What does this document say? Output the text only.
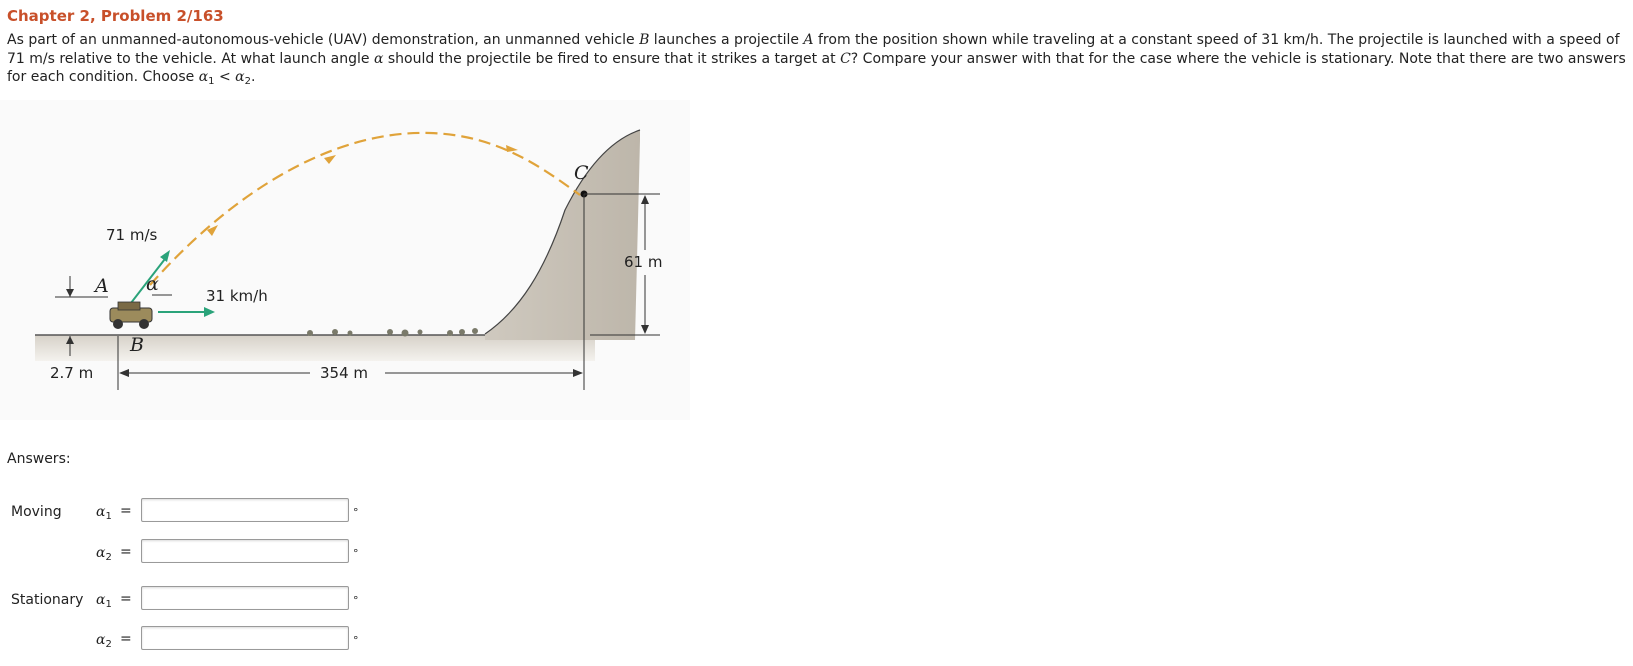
Chapter 2, Problem 2/163
As part of an unmanned-autonomous-vehicle (UAV) demonstration, an unmanned vehicle B launches a projectile A from the position shown while traveling at a constant speed of 31 km/h. The projectile is launched with a speed of 71 m/s relative to the vehicle. At what launch angle α should the projectile be fired to ensure that it strikes a target at C? Compare your answer with that for the case where the vehicle is stationary. Note that there are two answers for each condition. Choose $\alpha_1 < \alpha_2$.
C
71 m/s
α
31 km/h
A
B
2.7 m	354 m
61 m
Answers:
Moving $\alpha_1$ =	°
$\alpha_2$ =	°
Stationary $\alpha_1$ =	°
$\alpha_2$ =	°
